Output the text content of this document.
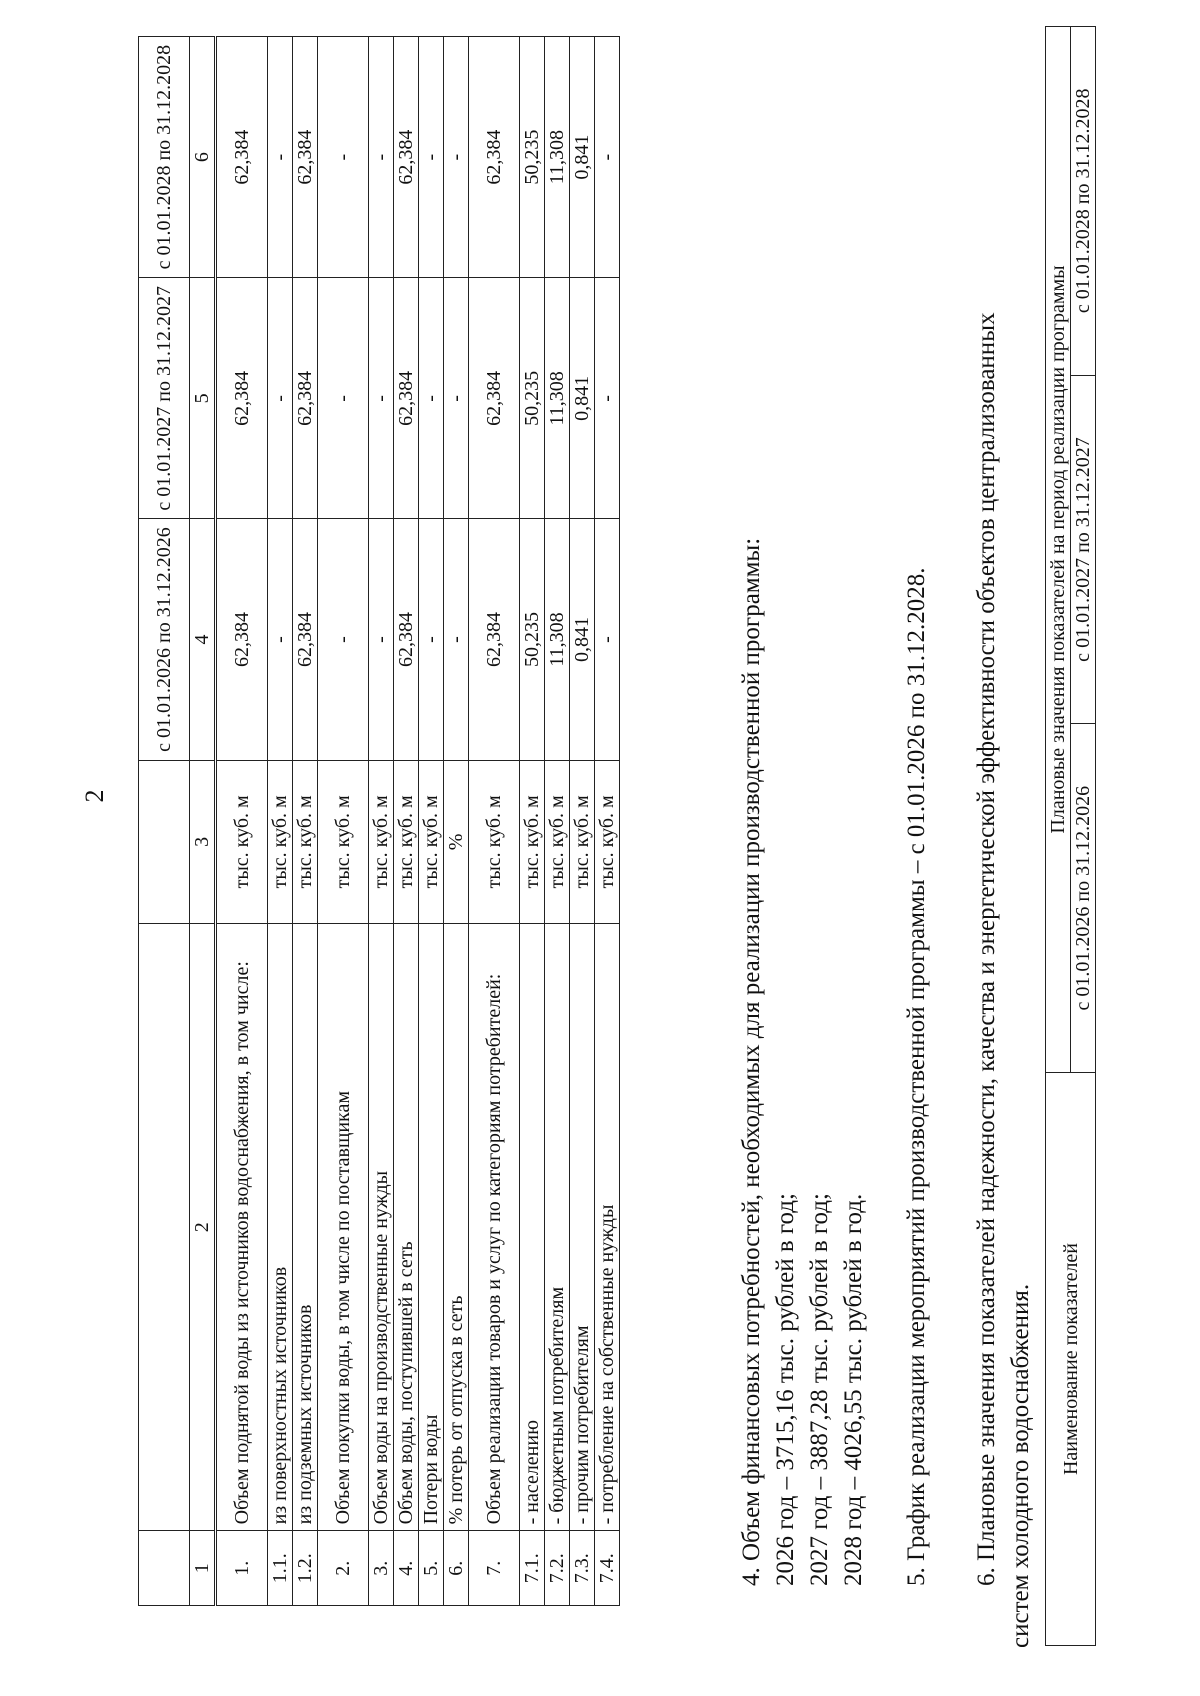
2
			с 01.01.2026 по 31.12.2026	с 01.01.2027 по 31.12.2027	с 01.01.2028 по 31.12.2028
1	2	3	4	5	6
1.	Объем поднятой воды из источников водоснабжения, в том числе:	тыс. куб. м	62,384	62,384	62,384
1.1.	из поверхностных источников	тыс. куб. м	-	-	-
1.2.	из подземных источников	тыс. куб. м	62,384	62,384	62,384
2.	Объем покупки воды, в том числе по поставщикам	тыс. куб. м	-	-	-
3.	Объем воды на производственные нужды	тыс. куб. м	-	-	-
4.	Объем воды, поступившей в сеть	тыс. куб. м	62,384	62,384	62,384
5.	Потери воды	тыс. куб. м	-	-	-
6.	% потерь от отпуска в сеть	%	-	-	-
7.	Объем реализации товаров и услуг по категориям потребителей:	тыс. куб. м	62,384	62,384	62,384
7.1.	- населению	тыс. куб. м	50,235	50,235	50,235
7.2.	- бюджетным потребителям	тыс. куб. м	11,308	11,308	11,308
7.3.	- прочим потребителям	тыс. куб. м	0,841	0,841	0,841
7.4.	- потребление на собственные нужды	тыс. куб. м	-	-	-
4. Объем финансовых потребностей, необходимых для реализации производственной программы: 2026 год – 3715,16 тыс. рублей в год; 2027 год – 3887,28 тыс. рублей в год; 2028 год – 4026,55 тыс. рублей в год. 5. График реализации мероприятий производственной программы – с 01.01.2026 по 31.12.2028. 6. Плановые значения показателей надежности, качества и энергетической эффективности объектов централизованных систем холодного водоснабжения. Наименование показателей	Плановые значения показателей на период реализации программы		
	с 01.01.2026 по 31.12.2026	с 01.01.2027 по 31.12.2027	с 01.01.2028 по 31.12.2028
